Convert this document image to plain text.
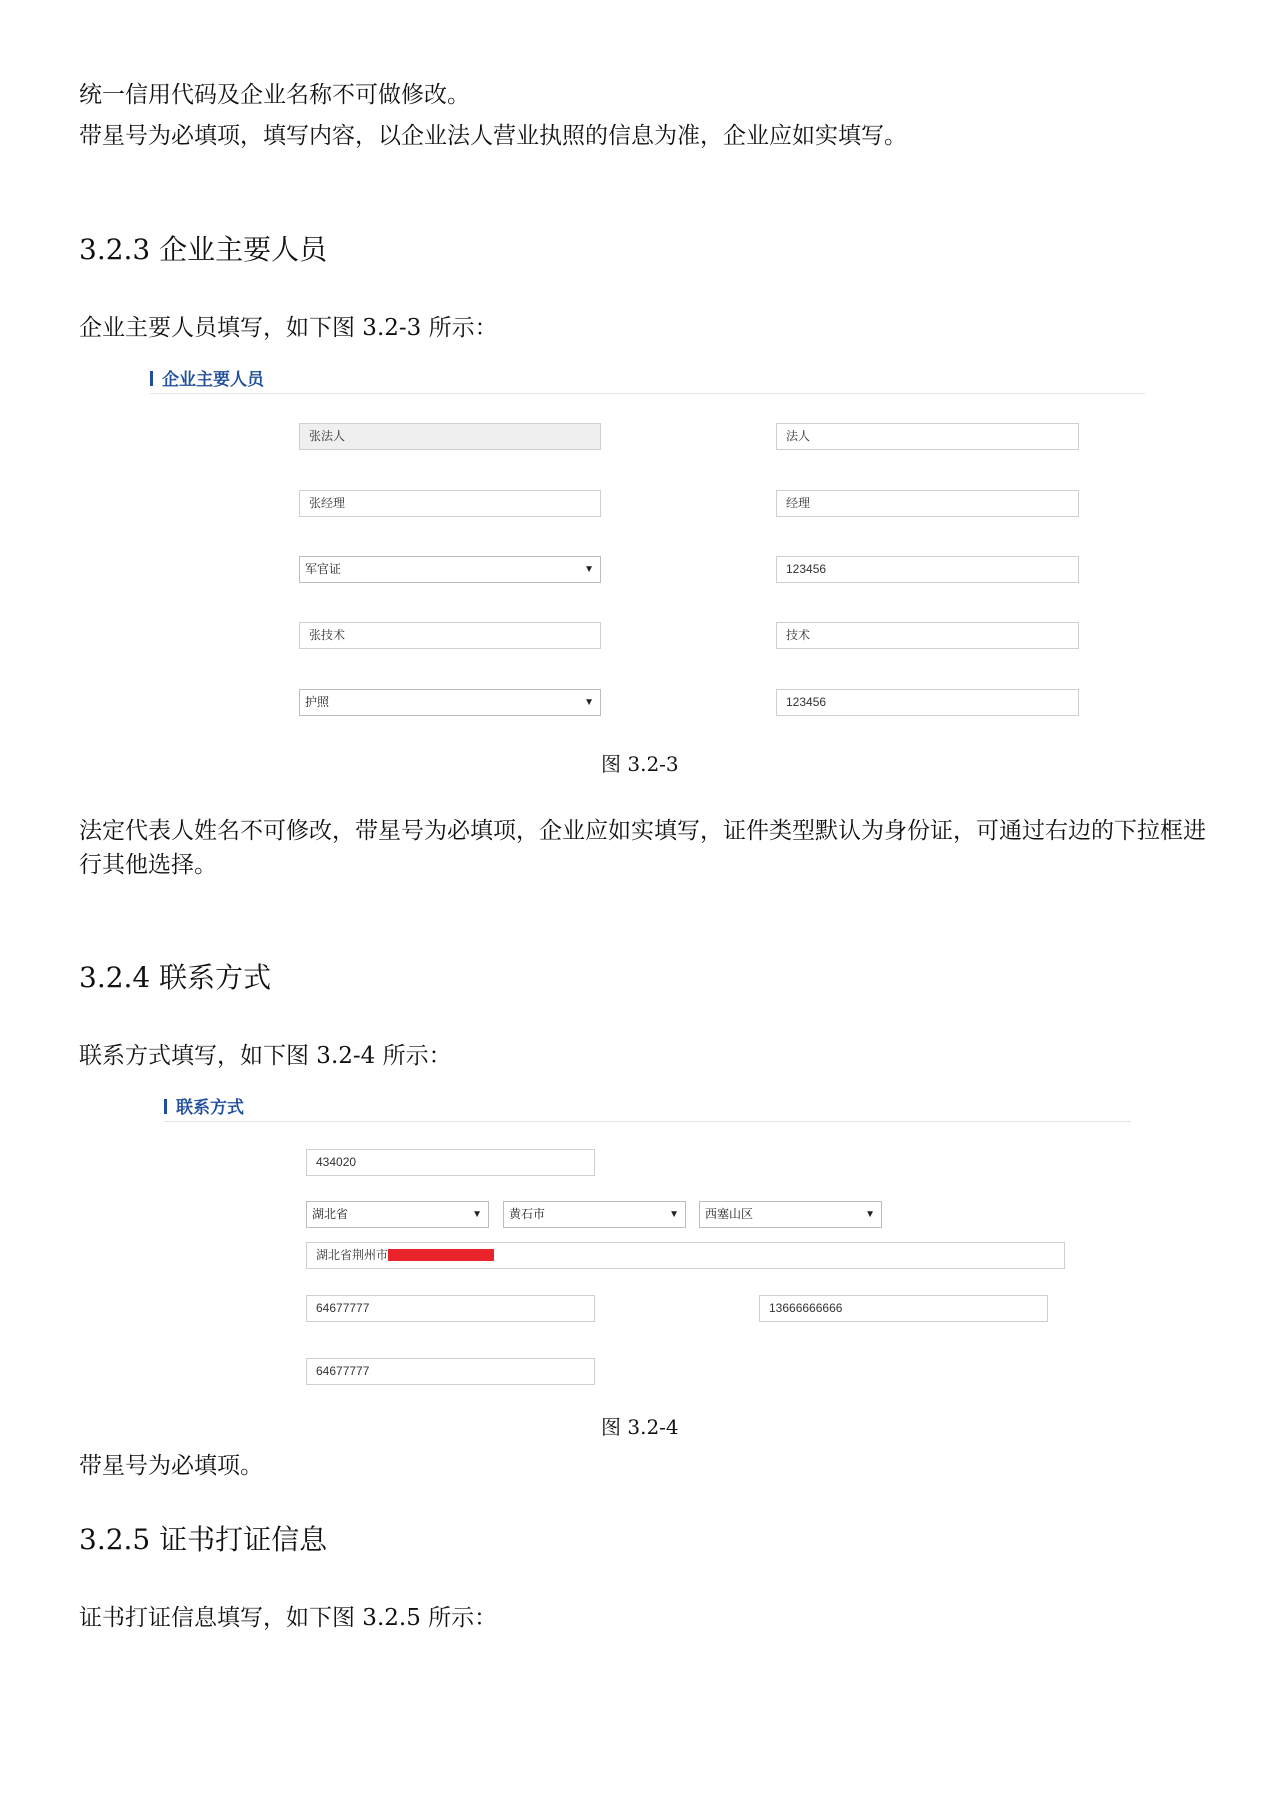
统一信用代码及企业名称不可做修改。
带星号为必填项，填写内容，以企业法人营业执照的信息为准，企业应如实填写。
3.2.3 企业主要人员
企业主要人员填写，如下图 3.2-3 所示：
企业主要人员
张法人	法人
张经理	经理
军官证	▼	123456
张技术	技术
护照	▼	123456
图 3.2-3
法定代表人姓名不可修改，带星号为必填项，企业应如实填写，证件类型默认为身份证，可通过右边的下拉框进行其他选择。
3.2.4 联系方式
联系方式填写，如下图 3.2-4 所示：
联系方式
434020
湖北省	▼	黄石市	▼	西塞山区	▼
湖北省荆州市
64677777	13666666666
64677777
图 3.2-4
带星号为必填项。
3.2.5 证书打证信息
证书打证信息填写，如下图 3.2.5 所示：
